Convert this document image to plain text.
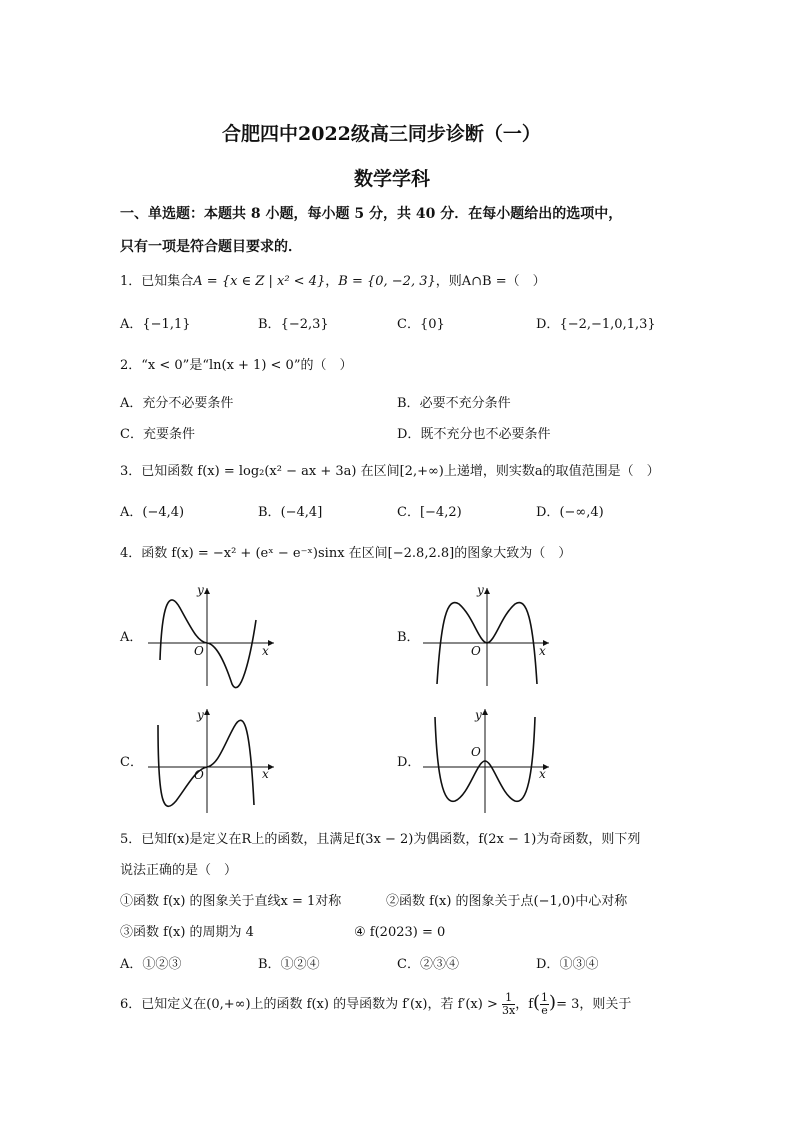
合肥四中2022级高三同步诊断（一）
数学学科
一、单选题：本题共 8 小题，每小题 5 分，共 40 分．在每小题给出的选项中，
只有一项是符合题目要求的．
1．已知集合A = {x ∈ Z | x² < 4}，B = {0, −2, 3}，则A∩B =（　）
A．{−1,1}	B．{−2,3}	C．{0}	D．{−2,−1,0,1,3}
2．“x < 0”是“ln(x + 1) < 0”的（　）
A．充分不必要条件	B．必要不充分条件
C．充要条件	D．既不充分也不必要条件
3．已知函数 f(x) = log₂(x² − ax + 3a) 在区间[2,+∞)上递增，则实数a的取值范围是（　）
A．(−4,4)	B．(−4,4]	C．[−4,2)	D．(−∞,4)
4．函数 f(x) = −x² + (eˣ − e⁻ˣ)sinx 在区间[−2.8,2.8]的图象大致为（　）
A．
x
y
O
B．
x
y
O
C．
x
y
O
D．
x
y
O
5．已知f(x)是定义在R上的函数，且满足f(3x − 2)为偶函数，f(2x − 1)为奇函数，则下列
说法正确的是（　）
①函数 f(x) 的图象关于直线x = 1对称	②函数 f(x) 的图象关于点(−1,0)中心对称
③函数 f(x) 的周期为 4	④ f(2023) = 0
A．①②③	B．①②④	C．②③④	D．①③④
6．已知定义在(0,+∞)上的函数 f(x) 的导函数为 f′(x)，若 $f'(x) > \frac{1}{3x}$ ，$f( \frac{1}{e}$ )= 3，则关于
